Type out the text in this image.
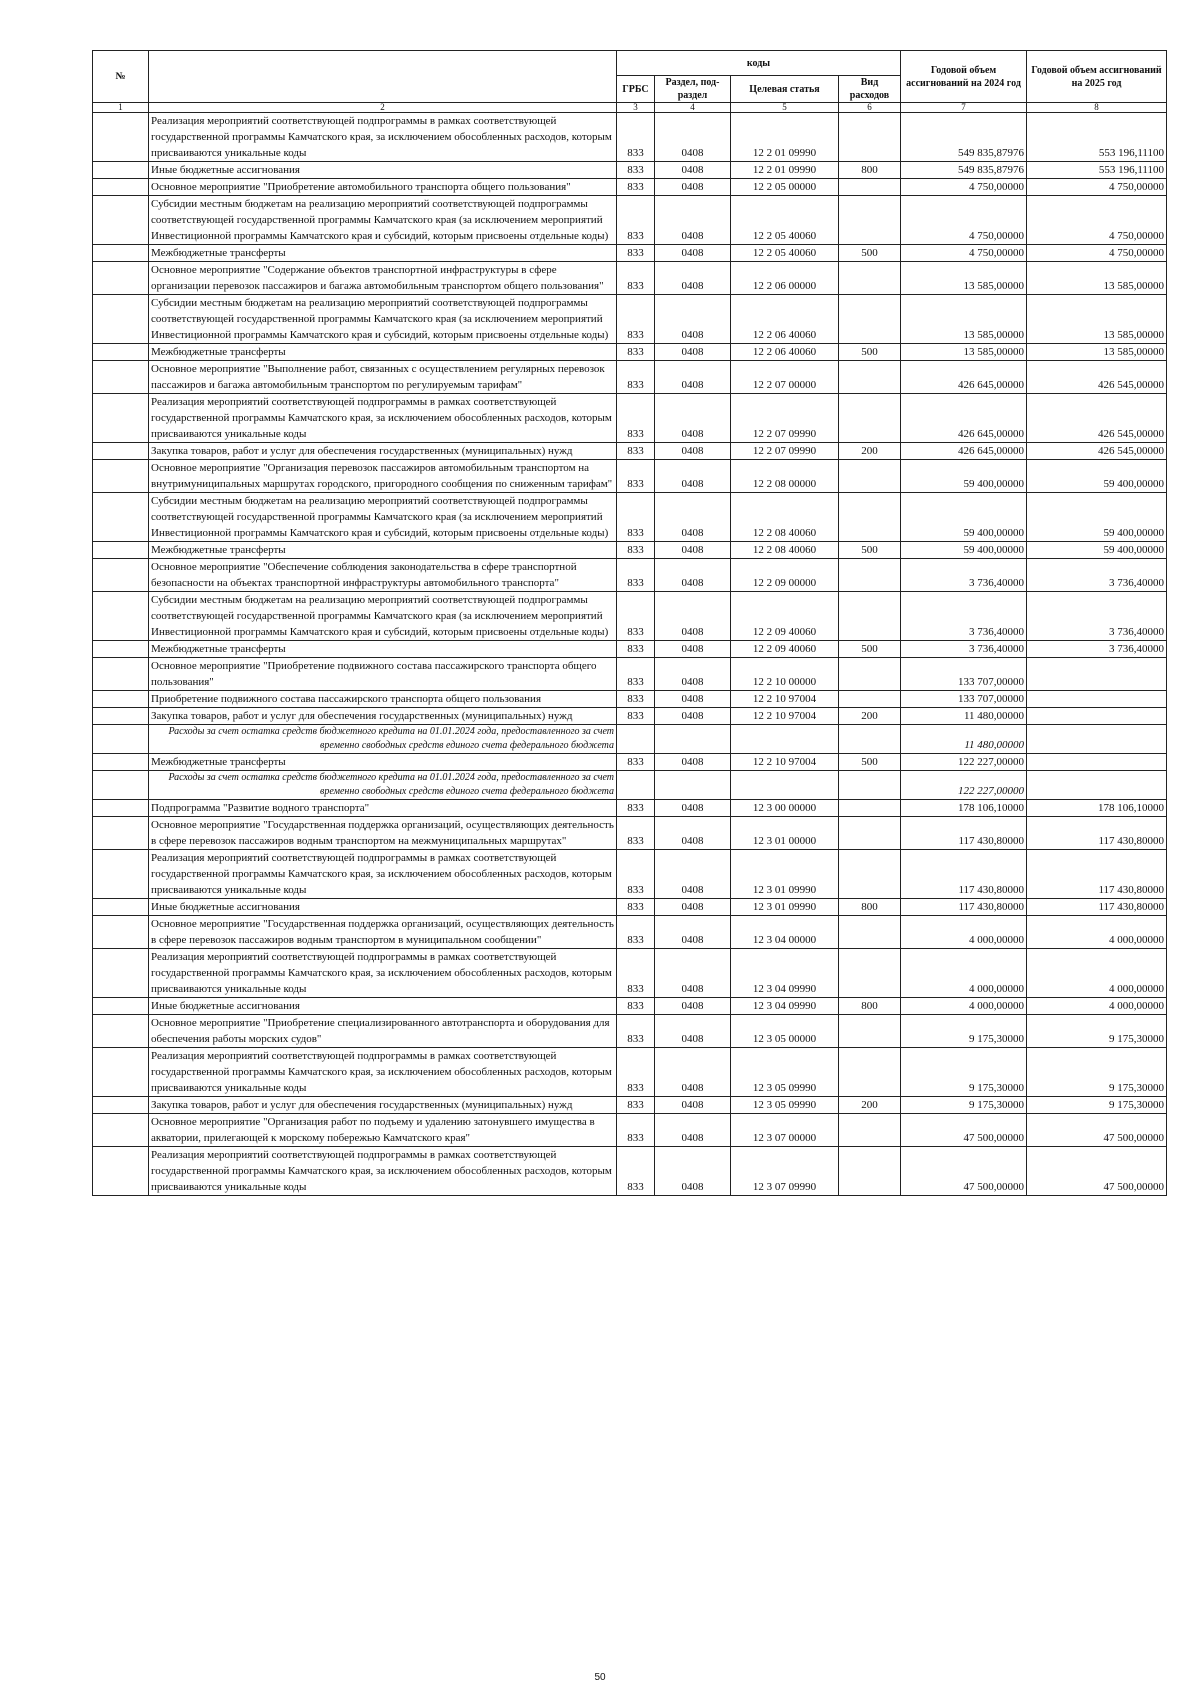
№		коды				Годовой объем ассигнований на 2024 год	Годовой объем ассигнований на 2025 год
		ГРБС	Раздел, под-раздел	Целевая статья	Вид расходов		
1	2	3	4	5	6	7	8
	Реализация мероприятий соответствующей подпрограммы в рамках соответствующей государственной программы Камчатского края, за исключением обособленных расходов, которым присваиваются уникальные коды	833	0408	12 2 01 09990		549 835,87976	553 196,11100
	Иные бюджетные ассигнования	833	0408	12 2 01 09990	800	549 835,87976	553 196,11100
	Основное мероприятие "Приобретение автомобильного транспорта общего пользования"	833	0408	12 2 05 00000		4 750,00000	4 750,00000
	Субсидии местным бюджетам на реализацию мероприятий соответствующей подпрограммы соответствующей государственной программы Камчатского края (за исключением мероприятий Инвестиционной программы Камчатского края и субсидий, которым присвоены отдельные коды)	833	0408	12 2 05 40060		4 750,00000	4 750,00000
	Межбюджетные трансферты	833	0408	12 2 05 40060	500	4 750,00000	4 750,00000
	Основное мероприятие "Содержание объектов транспортной инфраструктуры в сфере организации перевозок пассажиров и багажа автомобильным транспортом общего пользования"	833	0408	12 2 06 00000		13 585,00000	13 585,00000
	Субсидии местным бюджетам на реализацию мероприятий соответствующей подпрограммы соответствующей государственной программы Камчатского края (за исключением мероприятий Инвестиционной программы Камчатского края и субсидий, которым присвоены отдельные коды)	833	0408	12 2 06 40060		13 585,00000	13 585,00000
	Межбюджетные трансферты	833	0408	12 2 06 40060	500	13 585,00000	13 585,00000
	Основное мероприятие "Выполнение работ, связанных с осуществлением регулярных перевозок пассажиров и багажа автомобильным транспортом по регулируемым тарифам"	833	0408	12 2 07 00000		426 645,00000	426 545,00000
	Реализация мероприятий соответствующей подпрограммы в рамках соответствующей государственной программы Камчатского края, за исключением обособленных расходов, которым присваиваются уникальные коды	833	0408	12 2 07 09990		426 645,00000	426 545,00000
	Закупка товаров, работ и услуг для обеспечения государственных (муниципальных) нужд	833	0408	12 2 07 09990	200	426 645,00000	426 545,00000
	Основное мероприятие "Организация перевозок пассажиров автомобильным транспортом на внутримуниципальных маршрутах городского, пригородного сообщения по сниженным тарифам"	833	0408	12 2 08 00000		59 400,00000	59 400,00000
	Субсидии местным бюджетам на реализацию мероприятий соответствующей подпрограммы соответствующей государственной программы Камчатского края (за исключением мероприятий Инвестиционной программы Камчатского края и субсидий, которым присвоены отдельные коды)	833	0408	12 2 08 40060		59 400,00000	59 400,00000
	Межбюджетные трансферты	833	0408	12 2 08 40060	500	59 400,00000	59 400,00000
	Основное мероприятие "Обеспечение соблюдения законодательства в сфере транспортной безопасности на объектах транспортной инфраструктуры автомобильного транспорта"	833	0408	12 2 09 00000		3 736,40000	3 736,40000
	Субсидии местным бюджетам на реализацию мероприятий соответствующей подпрограммы соответствующей государственной программы Камчатского края (за исключением мероприятий Инвестиционной программы Камчатского края и субсидий, которым присвоены отдельные коды)	833	0408	12 2 09 40060		3 736,40000	3 736,40000
	Межбюджетные трансферты	833	0408	12 2 09 40060	500	3 736,40000	3 736,40000
	Основное мероприятие "Приобретение подвижного состава пассажирского транспорта общего пользования"	833	0408	12 2 10 00000		133 707,00000	
	Приобретение подвижного состава пассажирского транспорта общего пользования	833	0408	12 2 10 97004		133 707,00000	
	Закупка товаров, работ и услуг для обеспечения государственных (муниципальных) нужд	833	0408	12 2 10 97004	200	11 480,00000	
	Расходы за счет остатка средств бюджетного кредита на 01.01.2024 года, предоставленного за счет временно свободных средств единого счета федерального бюджета					11 480,00000	
	Межбюджетные трансферты	833	0408	12 2 10 97004	500	122 227,00000	
	Расходы за счет остатка средств бюджетного кредита на 01.01.2024 года, предоставленного за счет временно свободных средств единого счета федерального бюджета					122 227,00000	
	Подпрограмма "Развитие водного транспорта"	833	0408	12 3 00 00000		178 106,10000	178 106,10000
	Основное мероприятие "Государственная поддержка организаций, осуществляющих деятельность в сфере перевозок пассажиров водным транспортом на межмуниципальных маршрутах"	833	0408	12 3 01 00000		117 430,80000	117 430,80000
	Реализация мероприятий соответствующей подпрограммы в рамках соответствующей государственной программы Камчатского края, за исключением обособленных расходов, которым присваиваются уникальные коды	833	0408	12 3 01 09990		117 430,80000	117 430,80000
	Иные бюджетные ассигнования	833	0408	12 3 01 09990	800	117 430,80000	117 430,80000
	Основное мероприятие "Государственная поддержка организаций, осуществляющих деятельность в сфере перевозок пассажиров водным транспортом в муниципальном сообщении"	833	0408	12 3 04 00000		4 000,00000	4 000,00000
	Реализация мероприятий соответствующей подпрограммы в рамках соответствующей государственной программы Камчатского края, за исключением обособленных расходов, которым присваиваются уникальные коды	833	0408	12 3 04 09990		4 000,00000	4 000,00000
	Иные бюджетные ассигнования	833	0408	12 3 04 09990	800	4 000,00000	4 000,00000
	Основное мероприятие "Приобретение специализированного автотранспорта и оборудования для обеспечения работы морских судов"	833	0408	12 3 05 00000		9 175,30000	9 175,30000
	Реализация мероприятий соответствующей подпрограммы в рамках соответствующей государственной программы Камчатского края, за исключением обособленных расходов, которым присваиваются уникальные коды	833	0408	12 3 05 09990		9 175,30000	9 175,30000
	Закупка товаров, работ и услуг для обеспечения государственных (муниципальных) нужд	833	0408	12 3 05 09990	200	9 175,30000	9 175,30000
	Основное мероприятие "Организация работ по подъему и удалению затонувшего имущества в акватории, прилегающей к морскому побережью Камчатского края"	833	0408	12 3 07 00000		47 500,00000	47 500,00000
	Реализация мероприятий соответствующей подпрограммы в рамках соответствующей государственной программы Камчатского края, за исключением обособленных расходов, которым присваиваются уникальные коды	833	0408	12 3 07 09990		47 500,00000	47 500,00000
50
